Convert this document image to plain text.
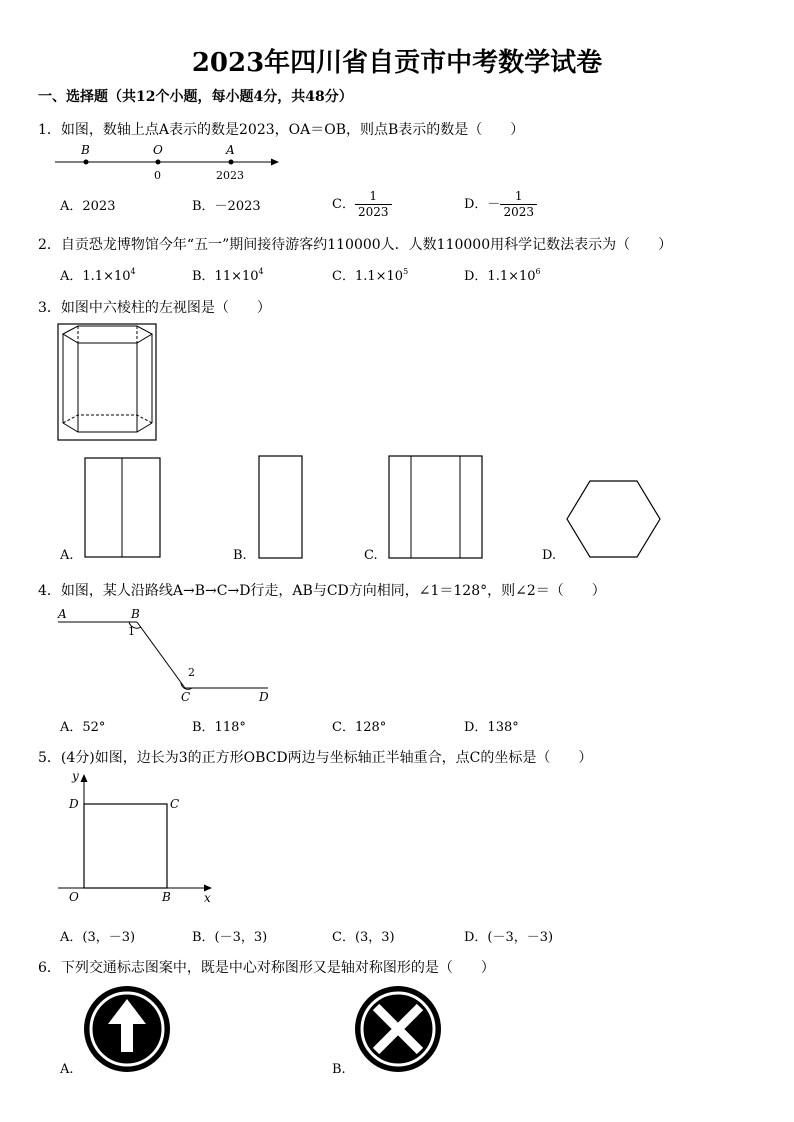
2023年四川省自贡市中考数学试卷
一、选择题（共12个小题，每小题4分，共48分）
1．如图，数轴上点A表示的数是2023，OA＝OB，则点B表示的数是（　　）
B	O	A
0	2023
A．2023	B．－2023	C． $\frac{1}{2023}$	D．－ $\frac{1}{2023}$
2．自贡恐龙博物馆今年“五一”期间接待游客约110000人．人数110000用科学记数法表示为（　　）
A．$1.1\times 10^4$	B．$11\times 10^4$	C．$1.1\times 10^5$	D．$1.1\times 10^6$
3．如图中六棱柱的左视图是（　　）
A.	B.	C.	D.
4．如图，某人沿路线A→B→C→D行走，AB与CD方向相同，∠1＝128°，则∠2＝（　　）
A	B
1
2
C	D
A．52°	B．118°	C．128°	D．138°
5．(4分)如图，边长为3的正方形OBCD两边与坐标轴正半轴重合，点C的坐标是（　　）
y
x
D	C
O	B
A．(3，－3)	B．(－3，3)	C．(3，3)	D．(－3，－3)
6．下列交通标志图案中，既是中心对称图形又是轴对称图形的是（　　）
A.	B.
